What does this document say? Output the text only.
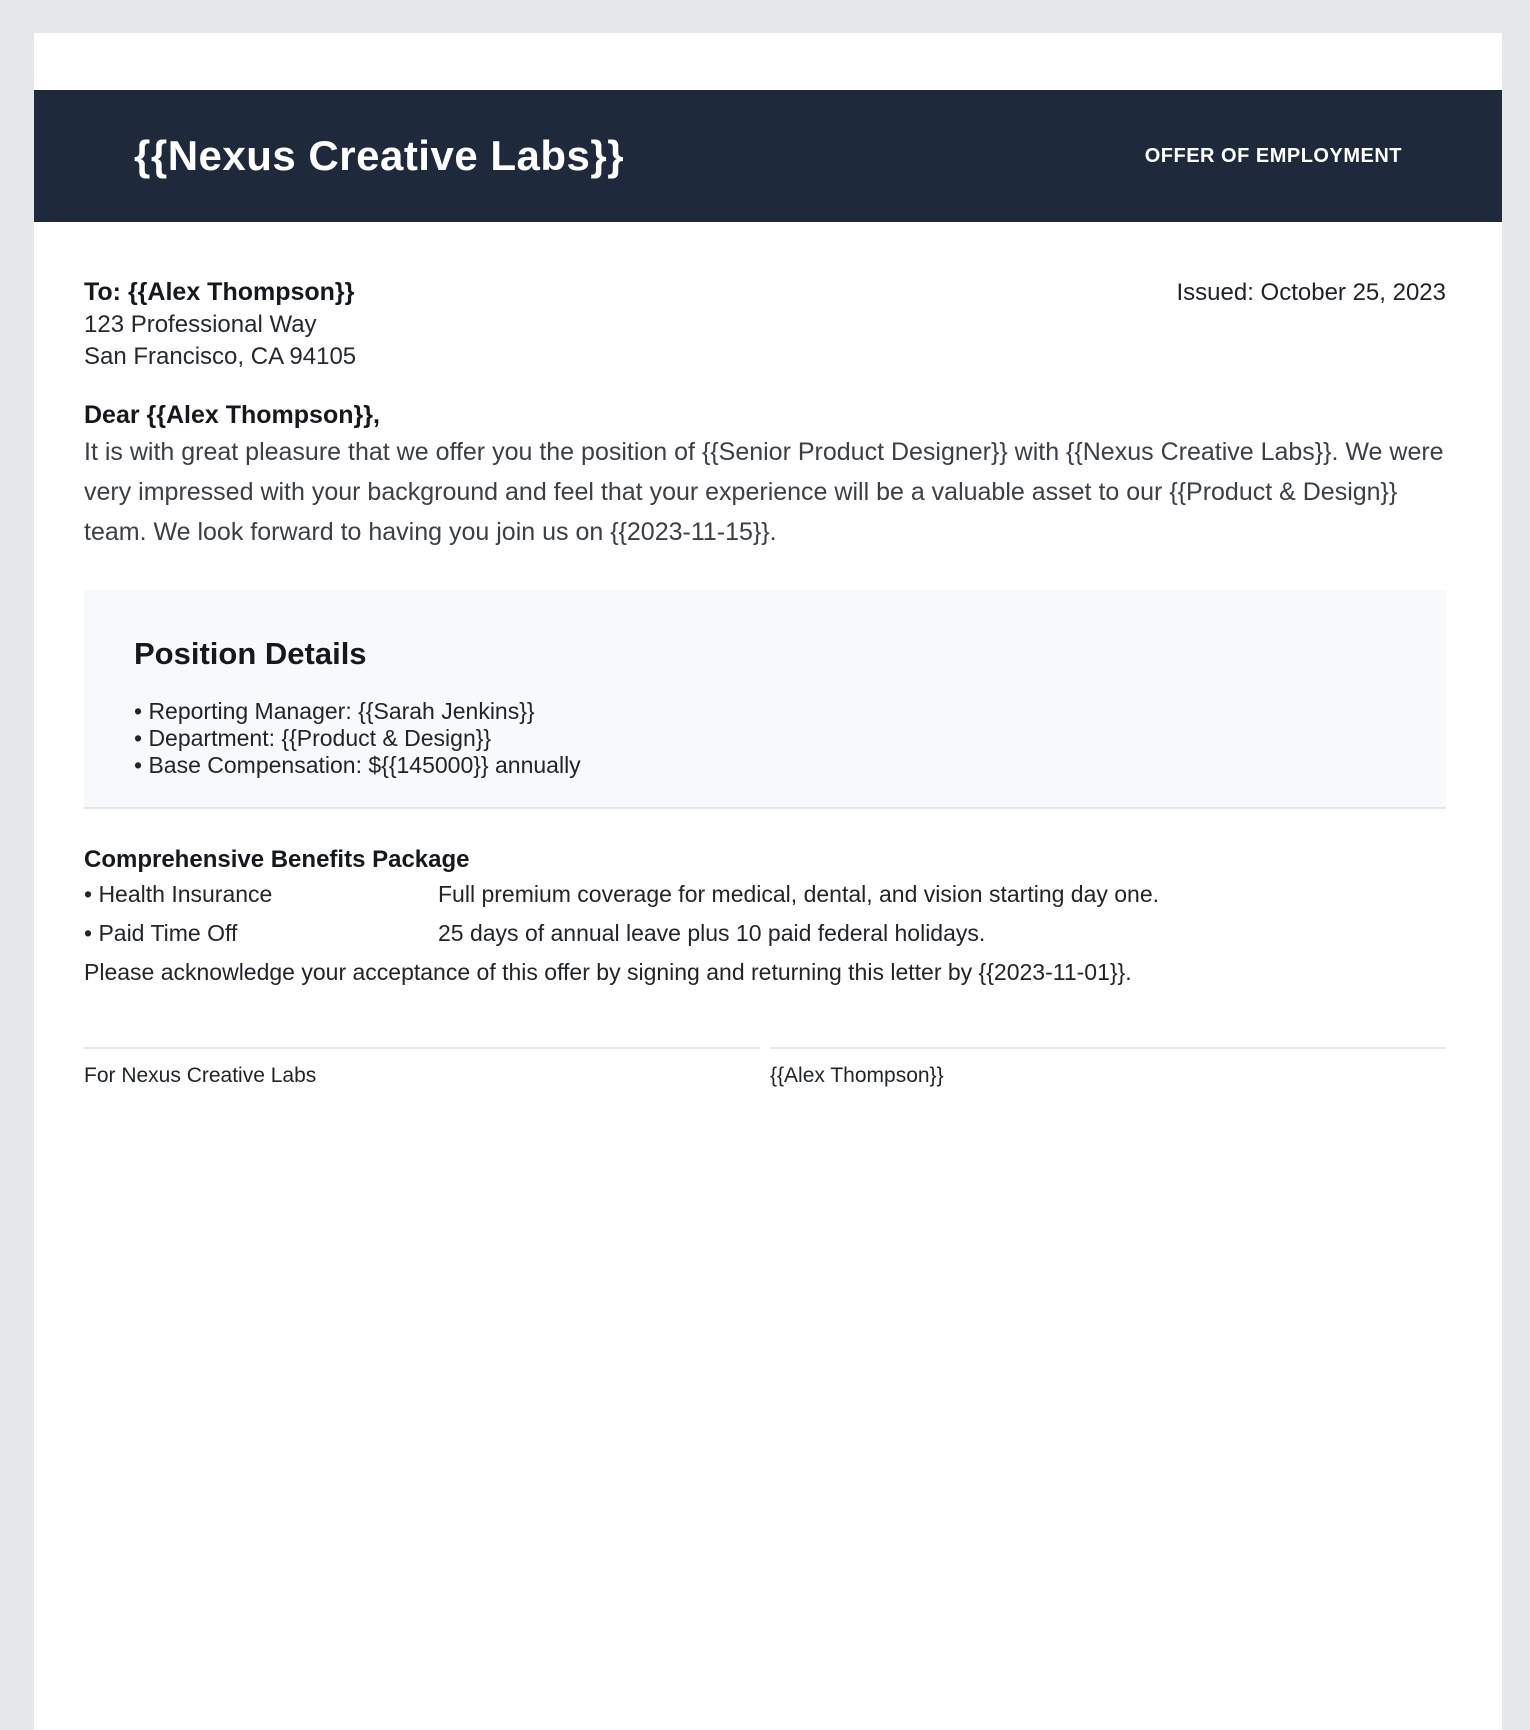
{{Nexus Creative Labs}}	OFFER OF EMPLOYMENT
To: {{Alex Thompson}}
123 Professional Way
San Francisco, CA 94105
Issued: October 25, 2023
Dear {{Alex Thompson}},

It is with great pleasure that we offer you the position of {{Senior Product Designer}} with {{Nexus Creative Labs}}. We were very impressed with your background and feel that your experience will be a valuable asset to our {{Product & Design}} team. We look forward to having you join us on {{2023-11-15}}.

Position Details
• Reporting Manager: {{Sarah Jenkins}}
• Department: {{Product & Design}}
• Base Compensation: ${{145000}} annually
Comprehensive Benefits Package
• Health Insurance	Full premium coverage for medical, dental, and vision starting day one.
• Paid Time Off	25 days of annual leave plus 10 paid federal holidays.

Please acknowledge your acceptance of this offer by signing and returning this letter by {{2023-11-01}}.

For Nexus Creative Labs	{{Alex Thompson}}
